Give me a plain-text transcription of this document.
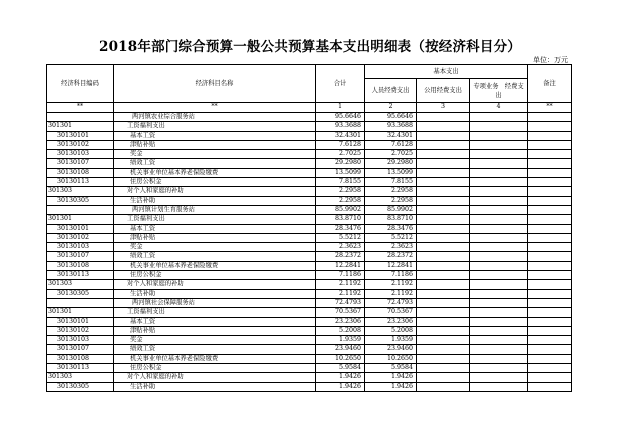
2018年部门综合预算一般公共预算基本支出明细表（按经济科目分）
单位：万元
经济科目编码	经济科目名称	合计	基本支出			备注
			人员经费支出	公用经费支出	专项业务　经费支出	
**	**	1	2	3	4	**
	两河镇农业综合服务站	95.6646	95.6646			
301301	工资福利支出	93.3688	93.3688			
30130101	基本工资	32.4301	32.4301			
30130102	津贴补贴	7.6128	7.6128			
30130103	奖金	2.7025	2.7025			
30130107	绩效工资	29.2980	29.2980			
30130108	机关事业单位基本养老保险缴费	13.5099	13.5099			
30130113	住房公积金	7.8155	7.8155			
301303	对个人和家庭的补助	2.2958	2.2958			
30130305	生活补助	2.2958	2.2958			
	两河镇计划生育服务站	85.9902	85.9902			
301301	工资福利支出	83.8710	83.8710			
30130101	基本工资	28.3476	28.3476			
30130102	津贴补贴	5.5212	5.5212			
30130103	奖金	2.3623	2.3623			
30130107	绩效工资	28.2372	28.2372			
30130108	机关事业单位基本养老保险缴费	12.2841	12.2841			
30130113	住房公积金	7.1186	7.1186			
301303	对个人和家庭的补助	2.1192	2.1192			
30130305	生活补助	2.1192	2.1192			
	两河镇社会保障服务站	72.4793	72.4793			
301301	工资福利支出	70.5367	70.5367			
30130101	基本工资	23.2306	23.2306			
30130102	津贴补贴	5.2008	5.2008			
30130103	奖金	1.9359	1.9359			
30130107	绩效工资	23.9460	23.9460			
30130108	机关事业单位基本养老保险缴费	10.2650	10.2650			
30130113	住房公积金	5.9584	5.9584			
301303	对个人和家庭的补助	1.9426	1.9426			
30130305	生活补助	1.9426	1.9426			
